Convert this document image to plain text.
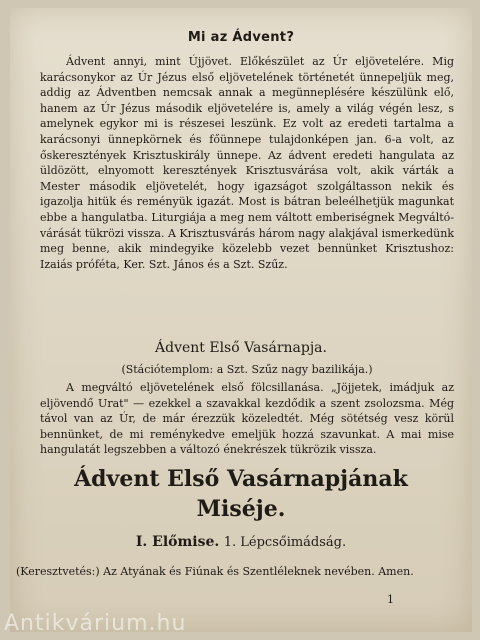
Mi az Ádvent?

Ádvent annyi, mint Újjövet. Előkészület az Úr eljövetelére. Mig karácsonykor az Úr Jézus első eljövetelének történetét ünnepeljük meg, addig az Ádventben nemcsak annak a megünneplésére készülünk elő, hanem az Úr Jézus második eljövetelére is, amely a világ végén lesz, s amelynek egykor mi is részesei leszünk. Ez volt az eredeti tartalma a karácsonyi ünnepkörnek és főünnepe tulajdonképen jan. 6-a volt, az őskeresztények Krisztuskirály ünnepe. Az ádvent eredeti hangulata az üldözött, elnyomott keresztények Krisztusvárása volt, akik várták a Mester második eljövetelét, hogy igazságot szolgáltasson nekik és igazolja hitük és reményük igazát. Most is bátran beleélhetjük magunkat ebbe a hangulatba. Liturgiája a meg nem váltott emberiségnek Megváltó-várását tükrözi vissza. A Krisztusvárás három nagy alakjával ismerkedünk meg benne, akik mindegyike közelebb vezet bennünket Krisztushoz: Izaiás próféta, Ker. Szt. János és a Szt. Szűz.

Ádvent Első Vasárnapja.

(Stációtemplom: a Szt. Szűz nagy bazilikája.)

A megváltó eljövetelének első fölcsillanása. „Jöjjetek, imádjuk az eljövendő Urat" — ezekkel a szavakkal kezdődik a szent zsolozsma. Még távol van az Úr, de már érezzük közeledtét. Még sötétség vesz körül bennünket, de mi reménykedve emeljük hozzá szavunkat. A mai mise hangulatát legszebben a változó énekrészek tükrözik vissza.

Ádvent Első Vasárnapjának
Miséje.
I. Előmise. 1. Lépcsőimádság.

(Keresztvetés:) Az Atyának és Fiúnak és Szentléleknek nevében. Amen.

1
Antikvárium.hu
